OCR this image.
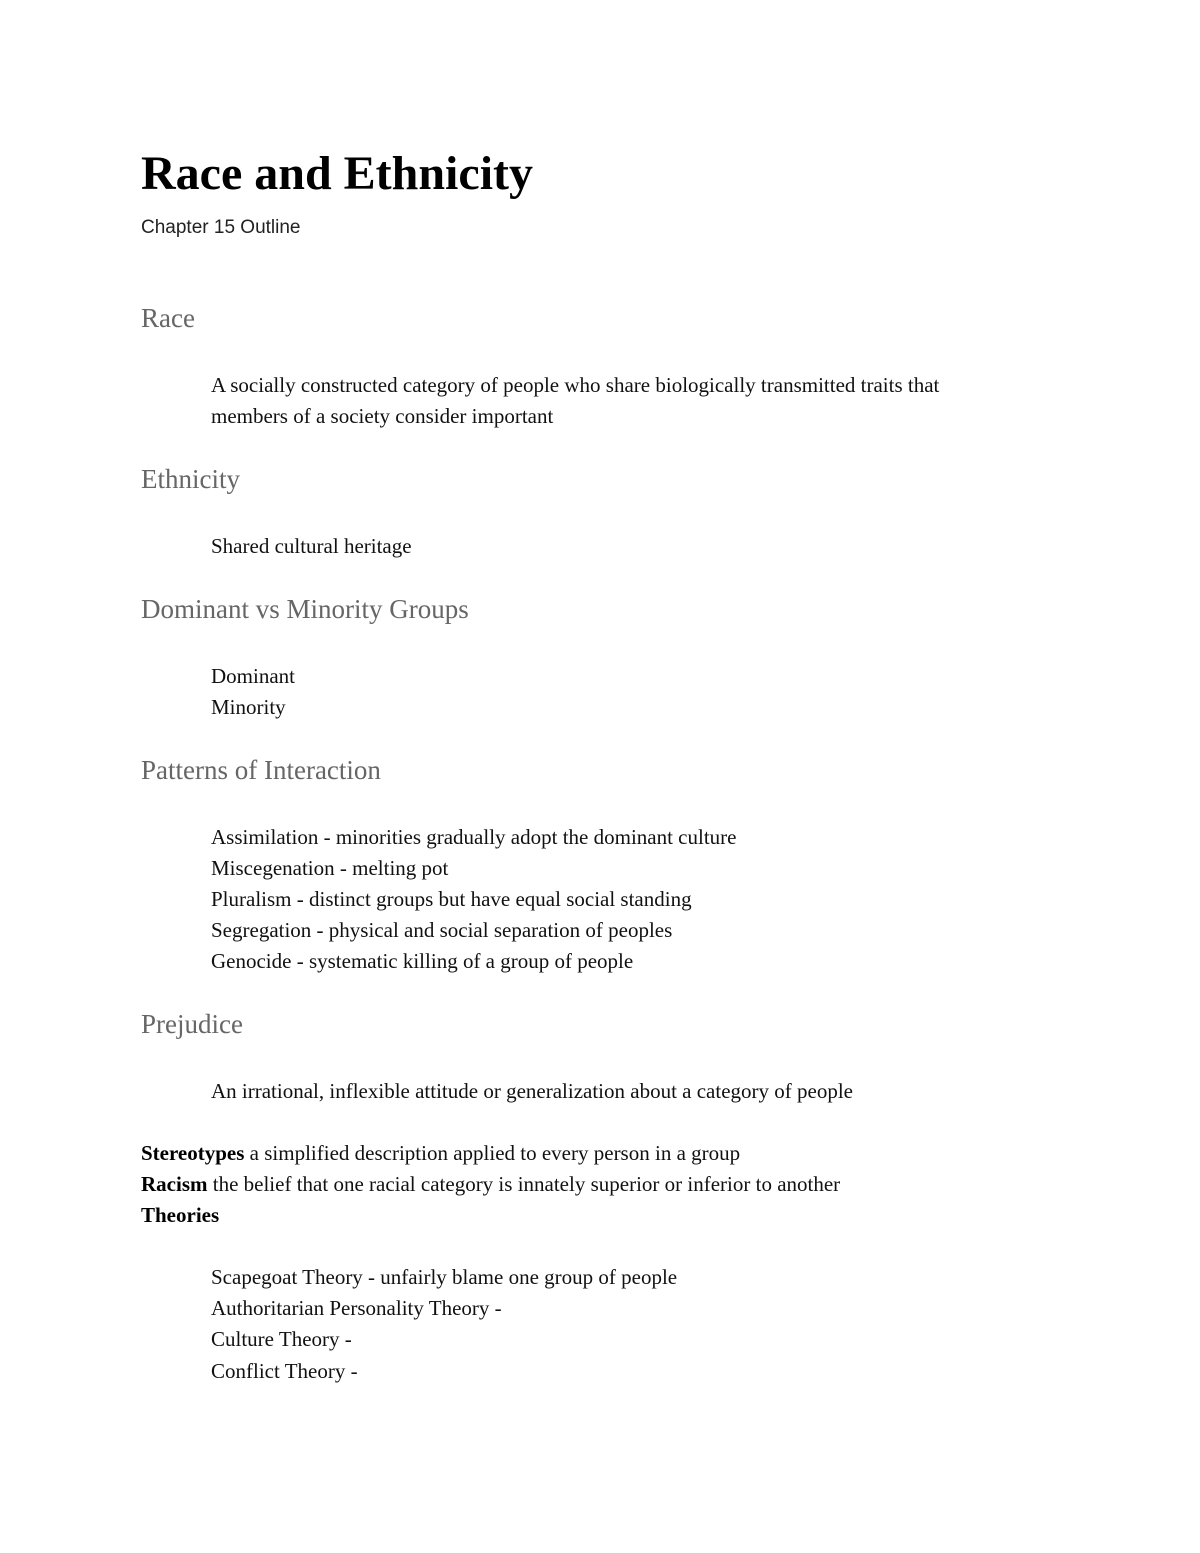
Race and Ethnicity
Chapter 15 Outline
Race
A socially constructed category of people who share biologically transmitted traits that
members of a society consider important
Ethnicity
Shared cultural heritage
Dominant vs Minority Groups
Dominant
Minority
Patterns of Interaction
Assimilation - minorities gradually adopt the dominant culture
Miscegenation - melting pot
Pluralism - distinct groups but have equal social standing
Segregation - physical and social separation of peoples
Genocide - systematic killing of a group of people
Prejudice
An irrational, inflexible attitude or generalization about a category of people
Stereotypes a simplified description applied to every person in a group
Racism the belief that one racial category is innately superior or inferior to another
Theories
Scapegoat Theory - unfairly blame one group of people
Authoritarian Personality Theory -
Culture Theory -
Conflict Theory -
